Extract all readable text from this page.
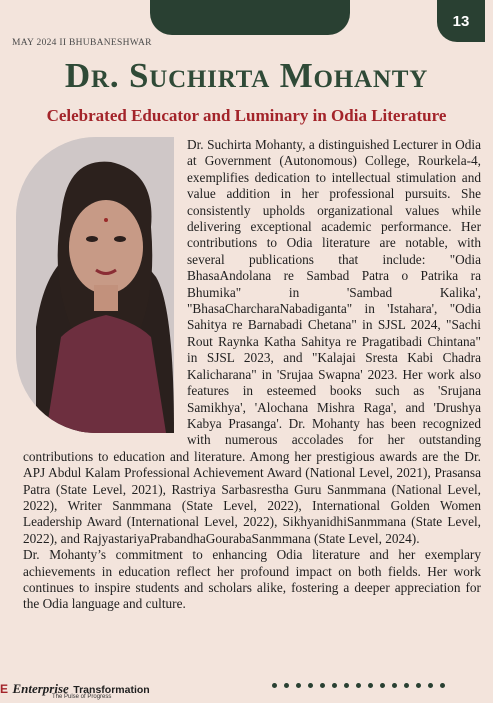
13
MAY 2024 II BHUBANESHWAR
Dr. Suchirta Mohanty
Celebrated Educator and Luminary in Odia Literature

Dr. Suchirta Mohanty, a distinguished Lecturer in Odia at Government (Autonomous) College, Rourkela-4, exemplifies dedication to intellectual stimulation and value addition in her professional pursuits. She consistently upholds organizational values while delivering exceptional academic performance. Her contributions to Odia literature are notable, with several publications that include: "Odia BhasaAndolana re Sambad Patra o Patrika ra Bhumika" in 'Sambad Kalika', "BhasaCharcharaNabadiganta" in 'Istahara', "Odia Sahitya re Barnabadi Chetana" in SJSL 2024, "Sachi Rout Raynka Katha Sahitya re Pragatibadi Chintana" in SJSL 2023, and "Kalajai Sresta Kabi Chadra Kalicharana" in 'Srujaa Swapna' 2023. Her work also features in esteemed books such as 'Srujana Samikhya', 'Alochana Mishra Raga', and 'Drushya Kabya Prasanga'. Dr. Mohanty has been recognized with numerous accolades for her outstanding contributions to education and literature. Among her prestigious awards are the Dr. APJ Abdul Kalam Professional Achievement Award (National Level, 2021), Prasansa Patra (State Level, 2021), Rastriya Sarbasrestha Guru Sanmmana (National Level, 2022), Writer Sanmmana (State Level, 2022), International Golden Women Leadership Award (International Level, 2022), SikhyanidhiSanmmana (State Level, 2022), and RajyastariyaPrabandhaGourabaSanmmana (State Level, 2024).

Dr. Mohanty’s commitment to enhancing Odia literature and her exemplary achievements in education reflect her profound impact on both fields. Her work continues to inspire students and scholars alike, fostering a deeper appreciation for the Odia language and culture.

E Enterprise Transformation
The Pulse of Progress
